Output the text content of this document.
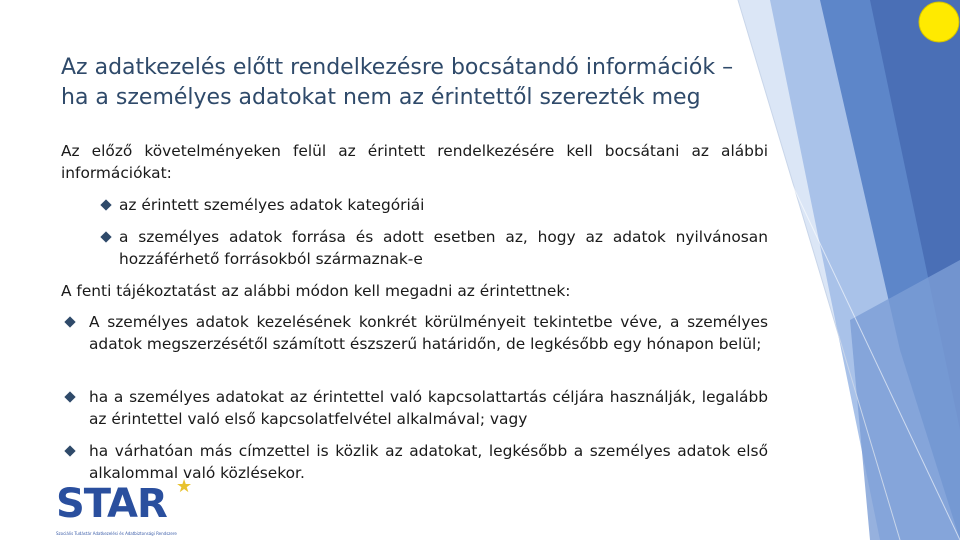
Az adatkezelés előtt rendelkezésre bocsátandó információk –
ha a személyes adatokat nem az érintettől szerezték meg
Az előző követelményeken felül az érintett rendelkezésére kell bocsátani az alábbi információkat:
az érintett személyes adatok kategóriái
a személyes adatok forrása és adott esetben az, hogy az adatok nyilvánosan hozzáférhető forrásokból származnak-e
A fenti tájékoztatást az alábbi módon kell megadni az érintettnek:
A személyes adatok kezelésének konkrét körülményeit tekintetbe véve, a személyes adatok megszerzésétől számított észszerű határidőn, de legkésőbb egy hónapon belül;
ha a személyes adatokat az érintettel való kapcsolattartás céljára használják, legalább az érintettel való első kapcsolatfelvétel alkalmával; vagy
ha várhatóan más címzettel is közlik az adatokat, legkésőbb a személyes adatok első alkalommal való közlésekor.
STAR
Szociális Tudástár Adatkezelési és Adatbiztonsági Rendszere
★
